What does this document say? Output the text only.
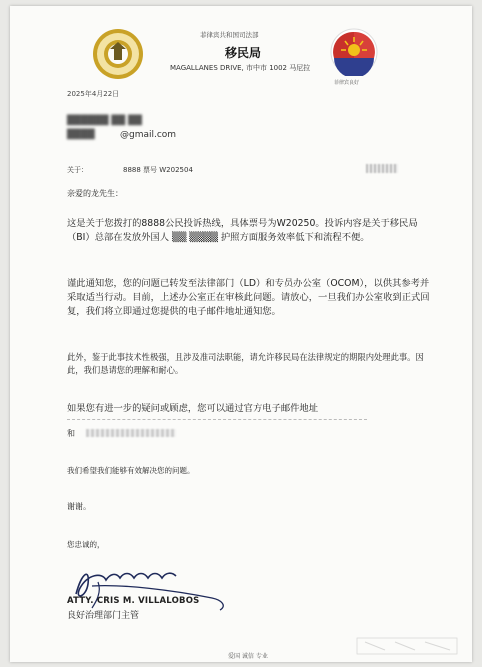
菲律宾共和国司法部
移民局
MAGALLANES DRIVE, 市中市 1002 马尼拉
菲律宾良好
2025年4月22日
██████ ██ ██
████	@gmail.com
关于：	8888 票号 W202504
亲爱的龙先生：
这是关于您拨打的8888公民投诉热线，具体票号为W20250。投诉内容是关于移民局（BI）总部在发放外国人 ▒▒ ▒▒▒▒ 护照方面服务效率低下和流程不便。
谨此通知您，您的问题已转发至法律部门（LD）和专员办公室（OCOM），以供其参考并采取适当行动。目前，上述办公室正在审核此问题。请放心，一旦我们办公室收到正式回复，我们将立即通过您提供的电子邮件地址通知您。
此外，鉴于此事技术性极强，且涉及准司法职能，请允许移民局在法律规定的期限内处理此事。因此，我们恳请您的理解和耐心。
如果您有进一步的疑问或顾虑，您可以通过官方电子邮件地址
和
我们希望我们能够有效解决您的问题。
谢谢。
您忠诚的，
ATTY. CRIS M. VILLALOBOS
良好治理部门主管
爱国 诚信 专业
